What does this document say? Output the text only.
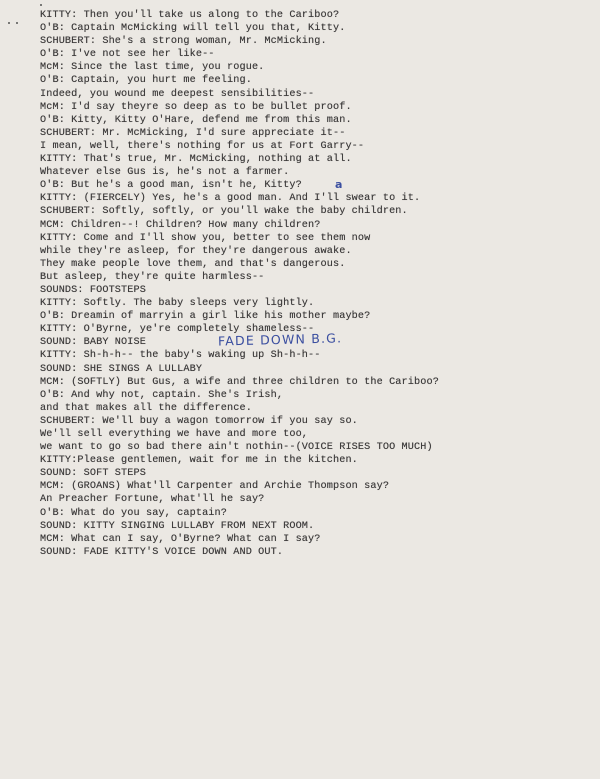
KITTY: Then you'll take us along to the Cariboo?
O'B: Captain McMicking will tell you that, Kitty.
SCHUBERT: She's a strong woman, Mr. McMicking.
O'B: I've not see her like--
McM: Since the last time, you rogue.
O'B: Captain, you hurt me feeling.
Indeed, you wound me deepest sensibilities--
McM: I'd say theyre so deep as to be bullet proof.
O'B: Kitty, Kitty O'Hare, defend me from this man.
SCHUBERT: Mr. McMicking, I'd sure appreciate it--
I mean, well, there's nothing for us at Fort Garry--
KITTY: That's true, Mr. McMicking, nothing at all.
Whatever else Gus is, he's not a farmer.
O'B: But he's a good man, isn't he, Kitty?
KITTY: (FIERCELY) Yes, he's a good man. And I'll swear to it.
SCHUBERT: Softly, softly, or you'll wake the baby children.
MCM: Children--! Children? How many children?
KITTY: Come and I'll show you, better to see them now
while they're asleep, for they're dangerous awake.
They make people love them, and that's dangerous.
But asleep, they're quite harmless--
SOUNDS: FOOTSTEPS
KITTY: Softly. The baby sleeps very lightly.
O'B: Dreamin of marryin a girl like his mother maybe?
KITTY: O'Byrne, ye're completely shameless--
SOUND: BABY NOISE
KITTY: Sh-h-h-- the baby's waking up Sh-h-h--
SOUND: SHE SINGS A LULLABY
MCM: (SOFTLY) But Gus, a wife and three children to the Cariboo?
O'B: And why not, captain. She's Irish,
and that makes all the difference.
SCHUBERT: We'll buy a wagon tomorrow if you say so.
We'll sell everything we have and more too,
we want to go so bad there ain't nothin--(VOICE RISES TOO MUCH)
KITTY:Please gentlemen, wait for me in the kitchen.
SOUND: SOFT STEPS
MCM: (GROANS) What'll Carpenter and Archie Thompson say?
An Preacher Fortune, what'll he say?
O'B: What do you say, captain?
SOUND: KITTY SINGING LULLABY FROM NEXT ROOM.
MCM: What can I say, O'Byrne? What can I say?
SOUND: FADE KITTY'S VOICE DOWN AND OUT.
FADE DOWN B.G.
a
